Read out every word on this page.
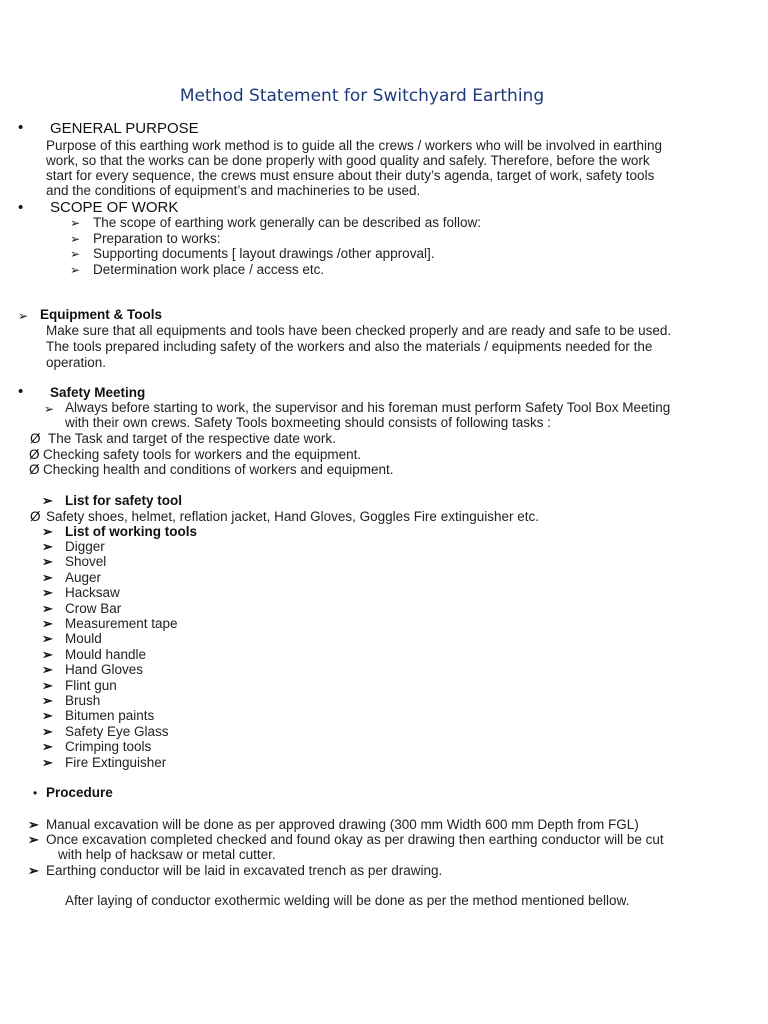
Method Statement for Switchyard Earthing
• GENERAL PURPOSE
Purpose of this earthing work method is to guide all the crews / workers who will be involved in earthing
work, so that the works can be done properly with good quality and safely. Therefore, before the work
start for every sequence, the crews must ensure about their duty’s agenda, target of work, safety tools
and the conditions of equipment’s and machineries to be used.
• SCOPE OF WORK
➢ The scope of earthing work generally can be described as follow:
➢ Preparation to works:
➢ Supporting documents [ layout drawings /other approval].
➢ Determination work place / access etc.
➢ Equipment & Tools
Make sure that all equipments and tools have been checked properly and are ready and safe to be used.
The tools prepared including safety of the workers and also the materials / equipments needed for the
operation.
• Safety Meeting
➢ Always before starting to work, the supervisor and his foreman must perform Safety Tool Box Meeting
with their own crews. Safety Tools boxmeeting should consists of following tasks :
Ø The Task and target of the respective date work.
Ø Checking safety tools for workers and the equipment.
Ø Checking health and conditions of workers and equipment.
➢ List for safety tool
Ø Safety shoes, helmet, reflation jacket, Hand Gloves, Goggles Fire extinguisher etc.
➢ List of working tools
➢ Digger
➢ Shovel
➢ Auger
➢ Hacksaw
➢ Crow Bar
➢ Measurement tape
➢ Mould
➢ Mould handle
➢ Hand Gloves
➢ Flint gun
➢ Brush
➢ Bitumen paints
➢ Safety Eye Glass
➢ Crimping tools
➢ Fire Extinguisher
• Procedure
➢ Manual excavation will be done as per approved drawing (300 mm Width 600 mm Depth from FGL)
➢ Once excavation completed checked and found okay as per drawing then earthing conductor will be cut
with help of hacksaw or metal cutter.
➢ Earthing conductor will be laid in excavated trench as per drawing.
After laying of conductor exothermic welding will be done as per the method mentioned bellow.
